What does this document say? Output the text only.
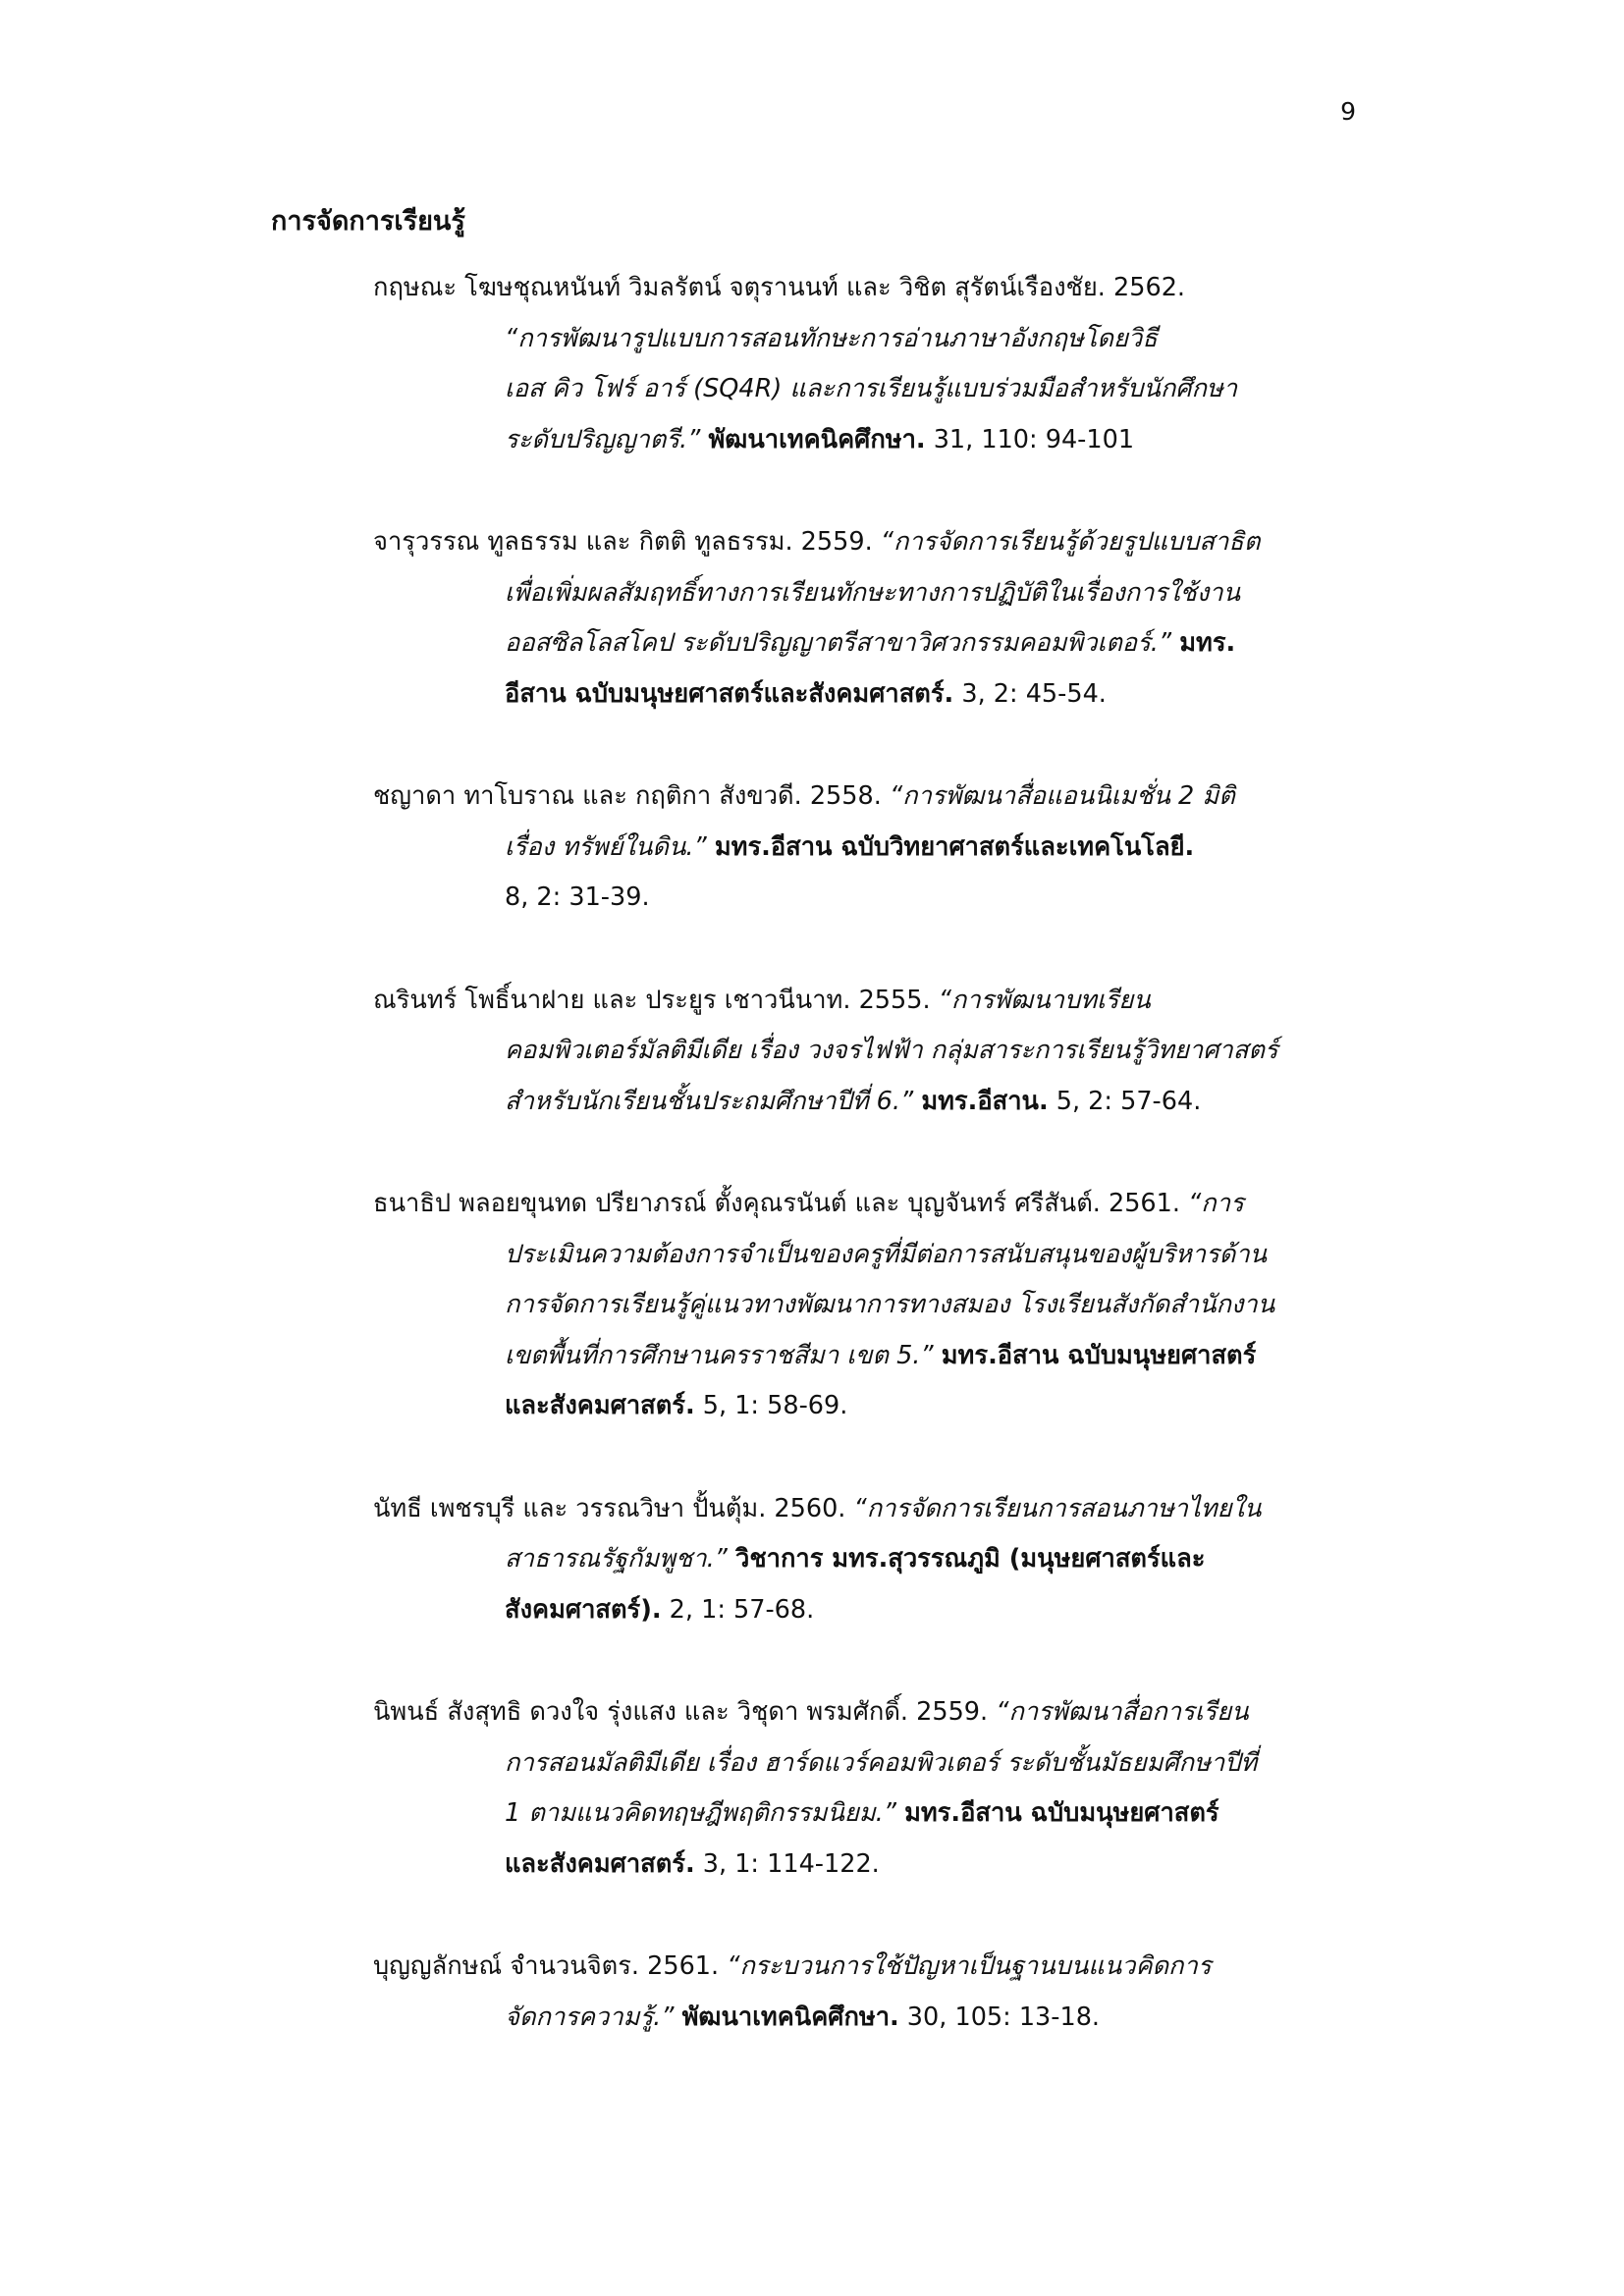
9
การจัดการเรียนรู้
กฤษณะ โฆษชุณหนันท์ วิมลรัตน์ จตุรานนท์ และ วิชิต สุรัตน์เรืองชัย. 2562.
“การพัฒนารูปแบบการสอนทักษะการอ่านภาษาอังกฤษโดยวิธี
เอส คิว โฟร์ อาร์ (SQ4R) และการเรียนรู้แบบร่วมมือสำหรับนักศึกษา
ระดับปริญญาตรี.” พัฒนาเทคนิคศึกษา. 31, 110: 94-101
จารุวรรณ ทูลธรรม และ กิตติ ทูลธรรม. 2559. “การจัดการเรียนรู้ด้วยรูปแบบสาธิต
เพื่อเพิ่มผลสัมฤทธิ์ทางการเรียนทักษะทางการปฏิบัติในเรื่องการใช้งาน
ออสซิลโลสโคป ระดับปริญญาตรีสาขาวิศวกรรมคอมพิวเตอร์.” มทร.
อีสาน ฉบับมนุษยศาสตร์และสังคมศาสตร์. 3, 2: 45-54.
ชญาดา ทาโบราณ และ กฤติกา สังขวดี. 2558. “การพัฒนาสื่อแอนนิเมชั่น 2 มิติ
เรื่อง ทรัพย์ในดิน.” มทร.อีสาน ฉบับวิทยาศาสตร์และเทคโนโลยี.
8, 2: 31-39.
ณรินทร์ โพธิ์นาฝาย และ ประยูร เชาวนีนาท. 2555. “การพัฒนาบทเรียน
คอมพิวเตอร์มัลติมีเดีย เรื่อง วงจรไฟฟ้า กลุ่มสาระการเรียนรู้วิทยาศาสตร์
สำหรับนักเรียนชั้นประถมศึกษาปีที่ 6.” มทร.อีสาน. 5, 2: 57-64.
ธนาธิป พลอยขุนทด ปรียาภรณ์ ตั้งคุณรนันต์ และ บุญจันทร์ ศรีสันต์. 2561. “การ
ประเมินความต้องการจำเป็นของครูที่มีต่อการสนับสนุนของผู้บริหารด้าน
การจัดการเรียนรู้คู่แนวทางพัฒนาการทางสมอง โรงเรียนสังกัดสำนักงาน
เขตพื้นที่การศึกษานครราชสีมา เขต 5.” มทร.อีสาน ฉบับมนุษยศาสตร์
และสังคมศาสตร์. 5, 1: 58-69.
นัทธี เพชรบุรี และ วรรณวิษา ปั้นตุ้ม. 2560. “การจัดการเรียนการสอนภาษาไทยใน
สาธารณรัฐกัมพูชา.” วิชาการ มทร.สุวรรณภูมิ (มนุษยศาสตร์และ
สังคมศาสตร์). 2, 1: 57-68.
นิพนธ์ สังสุทธิ ดวงใจ รุ่งแสง และ วิชุดา พรมศักดิ์. 2559. “การพัฒนาสื่อการเรียน
การสอนมัลติมีเดีย เรื่อง ฮาร์ดแวร์คอมพิวเตอร์ ระดับชั้นมัธยมศึกษาปีที่
1 ตามแนวคิดทฤษฎีพฤติกรรมนิยม.” มทร.อีสาน ฉบับมนุษยศาสตร์
และสังคมศาสตร์. 3, 1: 114-122.
บุญญลักษณ์ จำนวนจิตร. 2561. “กระบวนการใช้ปัญหาเป็นฐานบนแนวคิดการ
จัดการความรู้.” พัฒนาเทคนิคศึกษา. 30, 105: 13-18.
